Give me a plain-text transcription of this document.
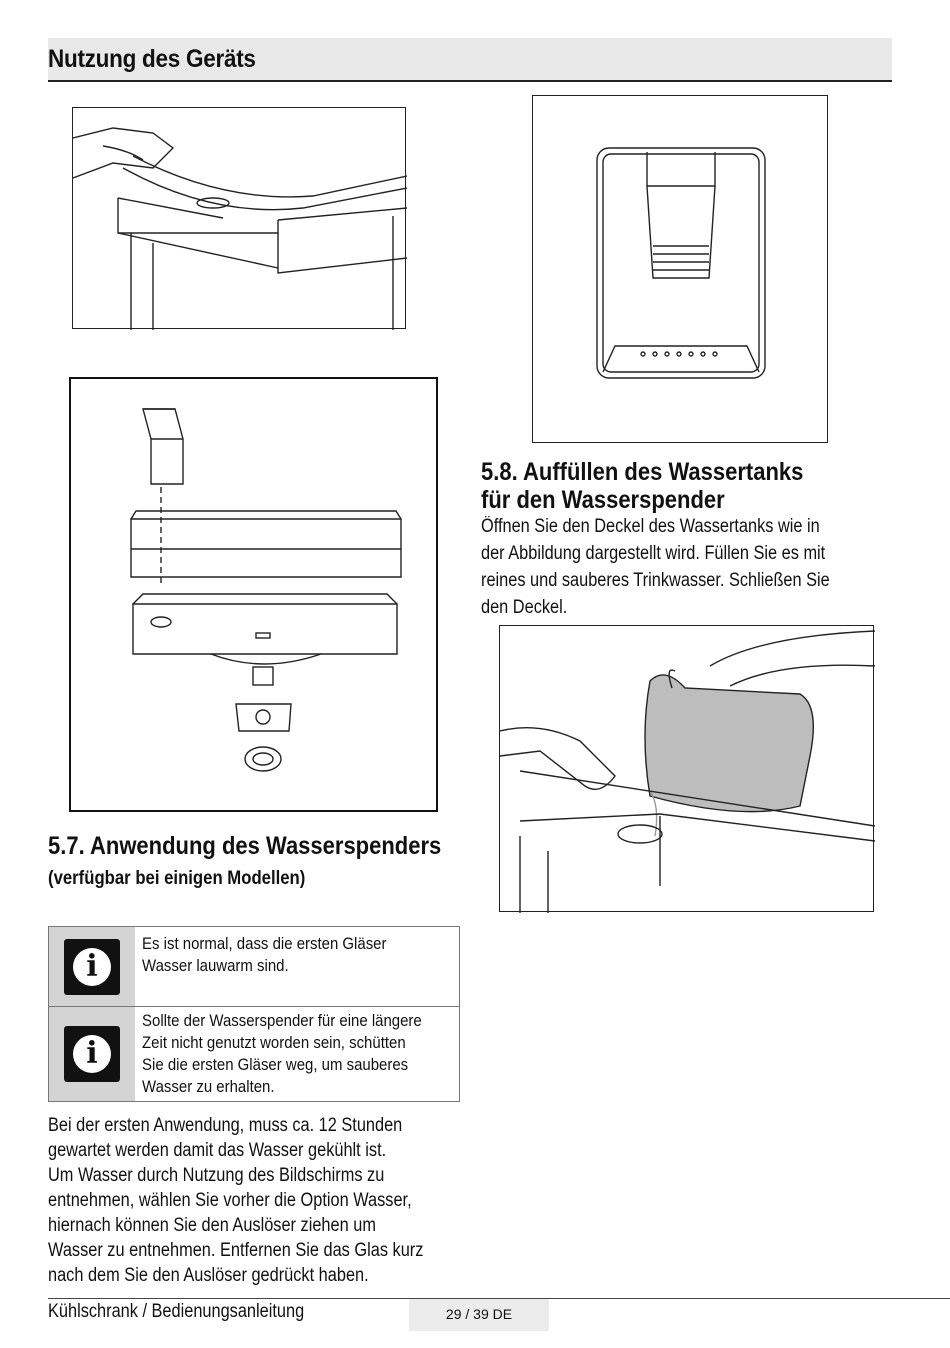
Nutzung des Geräts
5.8. Auffüllen des Wassertanks
für den Wasserspender
Öffnen Sie den Deckel des Wassertanks wie in
der Abbildung dargestellt wird. Füllen Sie es mit
reines und sauberes Trinkwasser. Schließen Sie
den Deckel.
5.7. Anwendung des Wasserspenders
(verfügbar bei einigen Modellen)
i
Es ist normal, dass die ersten Gläser
Wasser lauwarm sind.
i
Sollte der Wasserspender für eine längere
Zeit nicht genutzt worden sein, schütten
Sie die ersten Gläser weg, um sauberes
Wasser zu erhalten.
Bei der ersten Anwendung, muss ca. 12 Stunden
gewartet werden damit das Wasser gekühlt ist.
Um Wasser durch Nutzung des Bildschirms zu
entnehmen, wählen Sie vorher die Option Wasser,
hiernach können Sie den Auslöser ziehen um
Wasser zu entnehmen. Entfernen Sie das Glas kurz
nach dem Sie den Auslöser gedrückt haben.
Kühlschrank / Bedienungsanleitung	29 / 39 DE
